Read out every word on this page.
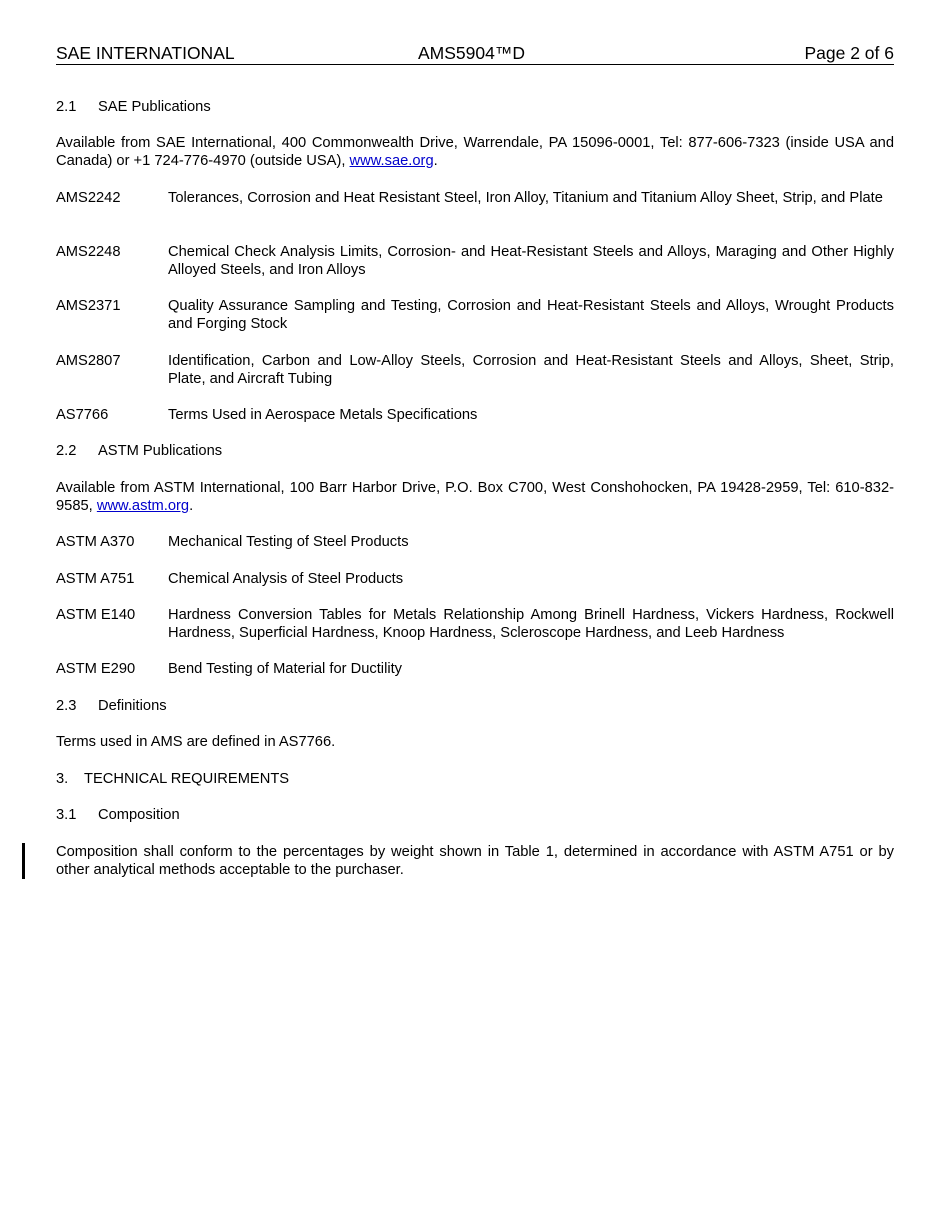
SAE INTERNATIONAL	AMS5904™D	Page 2 of 6
2.1 SAE Publications
Available from SAE International, 400 Commonwealth Drive, Warrendale, PA 15096-0001, Tel: 877-606-7323 (inside USA and Canada) or +1 724-776-4970 (outside USA), www.sae.org.
AMS2242	Tolerances, Corrosion and Heat Resistant Steel, Iron Alloy, Titanium and Titanium Alloy Sheet, Strip, and Plate
AMS2248	Chemical Check Analysis Limits, Corrosion- and Heat-Resistant Steels and Alloys, Maraging and Other Highly Alloyed Steels, and Iron Alloys
AMS2371	Quality Assurance Sampling and Testing, Corrosion and Heat-Resistant Steels and Alloys, Wrought Products and Forging Stock
AMS2807	Identification, Carbon and Low-Alloy Steels, Corrosion and Heat-Resistant Steels and Alloys, Sheet, Strip, Plate, and Aircraft Tubing
AS7766	Terms Used in Aerospace Metals Specifications
2.2 ASTM Publications
Available from ASTM International, 100 Barr Harbor Drive, P.O. Box C700, West Conshohocken, PA 19428-2959, Tel: 610-832-9585, www.astm.org.
ASTM A370 Mechanical Testing of Steel Products
ASTM A751 Chemical Analysis of Steel Products
ASTM E140 Hardness Conversion Tables for Metals Relationship Among Brinell Hardness, Vickers Hardness, Rockwell Hardness, Superficial Hardness, Knoop Hardness, Scleroscope Hardness, and Leeb Hardness
ASTM E290 Bend Testing of Material for Ductility
2.3 Definitions
Terms used in AMS are defined in AS7766.
3. TECHNICAL REQUIREMENTS
3.1 Composition
Composition shall conform to the percentages by weight shown in Table 1, determined in accordance with ASTM A751 or by other analytical methods acceptable to the purchaser.
